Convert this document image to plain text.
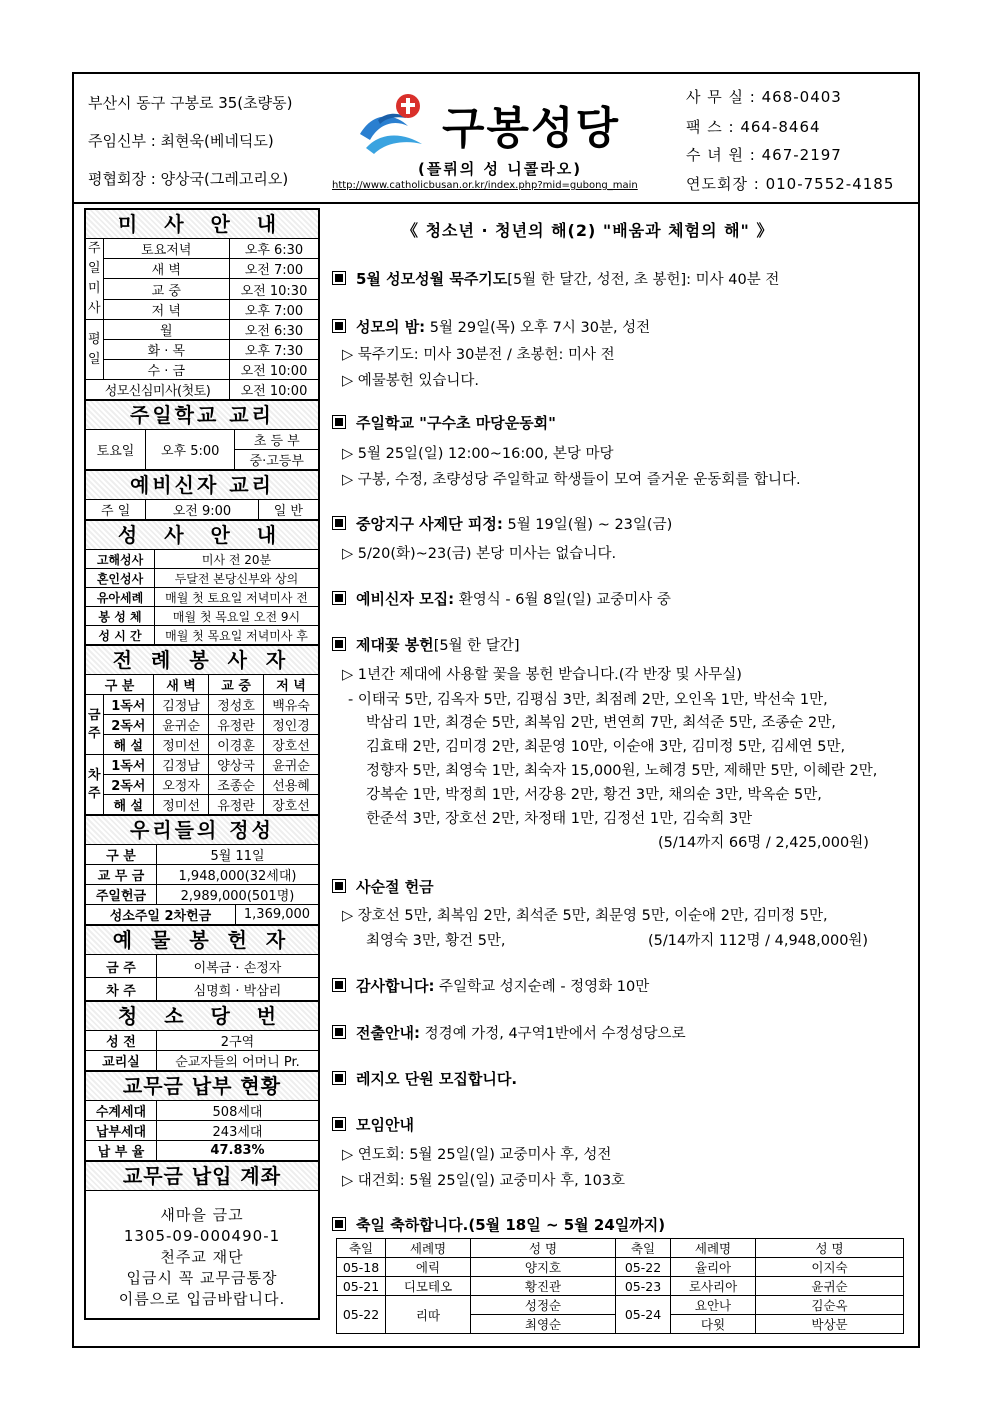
부산시 동구 구봉로 35(초량동)
주임신부 : 최현욱(베네딕도)
평협회장 : 양상국(그레고리오)
구봉성당
(플뤼의 성 니콜라오)
http://www.catholicbusan.or.kr/index.php?mid=gubong_main
사 무 실 : 468-0403
팩 스 : 464-8464
수 녀 원 : 467-2197
연도회장 : 010-7552-4185
미 사 안 내
주
일
미
사	토요저녁	오후 6:30
	새 벽	오전 7:00
	교 중	오전 10:30
	저 녁	오후 7:00
평
일	월	오전 6:30
	화 · 목	오후 7:30
	수 · 금	오전 10:00
성모신심미사(첫토)		오전 10:00
주일학교 교리
토요일	오후 5:00	초 등 부
중·고등부
예비신자 교리
주 일	오전 9:00	일 반
성 사 안 내
고해성사	미사 전 20분
혼인성사	두달전 본당신부와 상의
유아세례	매월 첫 토요일 저녁미사 전
봉 성 체	매월 첫 목요일 오전 9시
성 시 간	매월 첫 목요일 저녁미사 후
전 례 봉 사 자
구 분		새 벽	교 중	저 녁
금
주	1독서	김정남	정성호	백유숙
	2독서	윤귀순	유정란	정인경
	해 설	정미선	이경훈	장호선
차
주	1독서	김정남	양상국	윤귀순
	2독서	오정자	조종순	선용혜
	해 설	정미선	유정란	장호선
우리들의 정성
구 분	5월 11일	
교 무 금	1,948,000(32세대)	
주일헌금	2,989,000(501명)	
성소주일 2차헌금		1,369,000
예 물 봉 헌 자
금 주	이복금 · 손정자
차 주	심명희 · 박삼리
청 소 당 번
성 전	2구역
교리실	순교자들의 어머니 Pr.
교무금 납부 현황
수계세대	508세대
납부세대	243세대
납 부 율	47.83%
교무금 납입 계좌
새마을 금고
1305-09-000490-1
천주교 재단
입금시 꼭 교무금통장
이름으로 입금바랍니다.
《 청소년 · 청년의 해(2) "배움과 체험의 해" 》
5월 성모성월 묵주기도[5월 한 달간, 성전, 초 봉헌]: 미사 40분 전
성모의 밤: 5월 29일(목) 오후 7시 30분, 성전
▷ 묵주기도: 미사 30분전 / 초봉헌: 미사 전
▷ 예물봉헌 있습니다.
주일학교 "구수초 마당운동회"
▷ 5월 25일(일) 12:00~16:00, 본당 마당
▷ 구봉, 수정, 초량성당 주일학교 학생들이 모여 즐거운 운동회를 합니다.
중앙지구 사제단 피정: 5월 19일(월) ~ 23일(금)
▷ 5/20(화)~23(금) 본당 미사는 없습니다.
예비신자 모집: 환영식 - 6월 8일(일) 교중미사 중
제대꽃 봉헌[5월 한 달간]
▷ 1년간 제대에 사용할 꽃을 봉헌 받습니다.(각 반장 및 사무실)
- 이태국 5만, 김옥자 5만, 김평심 3만, 최점례 2만, 오인옥 1만, 박선숙 1만,
박삼리 1만, 최경순 5만, 최복임 2만, 변연희 7만, 최석준 5만, 조종순 2만,
김효태 2만, 김미경 2만, 최문영 10만, 이순애 3만, 김미정 5만, 김세연 5만,
정향자 5만, 최영숙 1만, 최숙자 15,000원, 노혜경 5만, 제해만 5만, 이혜란 2만,
강복순 1만, 박정희 1만, 서강용 2만, 황건 3만, 채의순 3만, 박옥순 5만,
한준석 3만, 장호선 2만, 차정태 1만, 김정선 1만, 김숙희 3만
(5/14까지 66명 / 2,425,000원)
사순절 헌금
▷ 장호선 5만, 최복임 2만, 최석준 5만, 최문영 5만, 이순애 2만, 김미정 5만,
최영숙 3만, 황건 5만,	(5/14까지 112명 / 4,948,000원)
감사합니다: 주일학교 성지순례 - 정영화 10만
전출안내: 정경예 가정, 4구역1반에서 수정성당으로
레지오 단원 모집합니다.
모임안내
▷ 연도회: 5월 25일(일) 교중미사 후, 성전
▷ 대건회: 5월 25일(일) 교중미사 후, 103호
축일 축하합니다.(5월 18일 ~ 5월 24일까지)
축일	세례명	성 명	축일	세례명	성 명
05-18	에릭	양지호	05-22	율리아	이지숙
05-21	디모테오	황진관	05-23	로사리아	윤귀순
05-22	리따	성정순	05-24	요안나	김순옥
		최영순		다윗	박상문
